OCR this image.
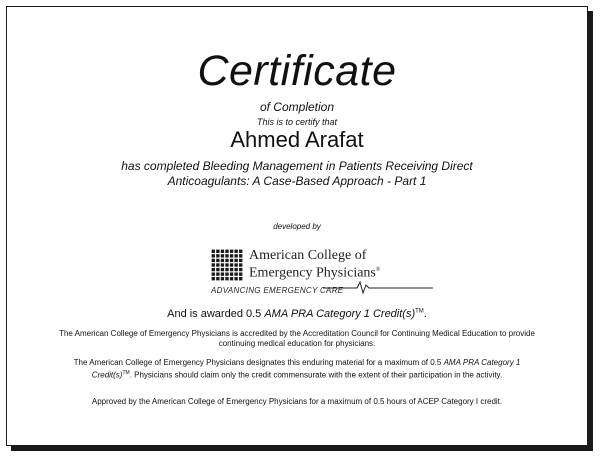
Certificate
of Completion
This is to certify that
Ahmed Arafat
has completed Bleeding Management in Patients Receiving Direct
Anticoagulants: A Case-Based Approach - Part 1
developed by
American College of
Emergency Physicians®
ADVANCING EMERGENCY CARE
And is awarded 0.5 AMA PRA Category 1 Credit(s)™.
The American College of Emergency Physicians is accredited by the Accreditation Council for Continuing Medical Education to provide continuing medical education for physicians.
The American College of Emergency Physicians designates this enduring material for a maximum of 0.5 AMA PRA Category 1 Credit(s)™. Physicians should claim only the credit commensurate with the extent of their participation in the activity.
Approved by the American College of Emergency Physicians for a maximum of 0.5 hours of ACEP Category I credit.
